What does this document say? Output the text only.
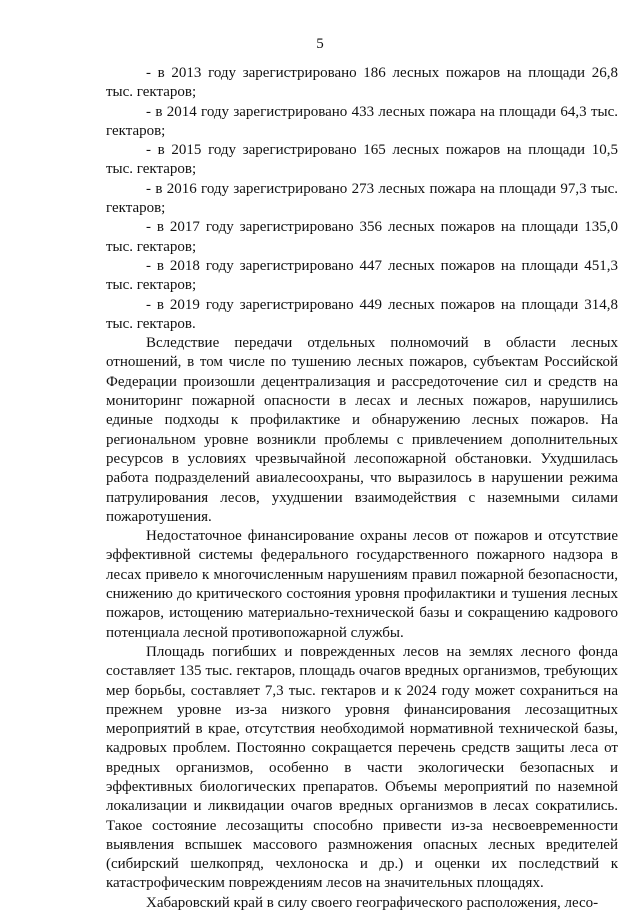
5

- в 2013 году зарегистрировано 186 лесных пожаров на площади 26,8 тыс. гектаров;

- в 2014 году зарегистрировано 433 лесных пожара на площади 64,3 тыс. гектаров;

- в 2015 году зарегистрировано 165 лесных пожаров на площади 10,5 тыс. гектаров;

- в 2016 году зарегистрировано 273 лесных пожара на площади 97,3 тыс. гектаров;

- в 2017 году зарегистрировано 356 лесных пожаров на площади 135,0 тыс. гектаров;

- в 2018 году зарегистрировано 447 лесных пожаров на площади 451,3 тыс. гектаров;

- в 2019 году зарегистрировано 449 лесных пожаров на площади 314,8 тыс. гектаров.

Вследствие передачи отдельных полномочий в области лесных отношений, в том числе по тушению лесных пожаров, субъектам Российской Федерации произошли децентрализация и рассредоточение сил и средств на мониторинг пожарной опасности в лесах и лесных пожаров, нарушились единые подходы к профилактике и обнаружению лесных пожаров. На региональном уровне возникли проблемы с привлечением дополнительных ресурсов в условиях чрезвычайной лесопожарной обстановки. Ухудшилась работа подразделений авиалесоохраны, что выразилось в нарушении режима патрулирования лесов, ухудшении взаимодействия с наземными силами пожаротушения.

Недостаточное финансирование охраны лесов от пожаров и отсутствие эффективной системы федерального государственного пожарного надзора в лесах привело к многочисленным нарушениям правил пожарной безопасности, снижению до критического состояния уровня профилактики и тушения лесных пожаров, истощению материально-технической базы и сокращению кадрового потенциала лесной противопожарной службы.

Площадь погибших и поврежденных лесов на землях лесного фонда составляет 135 тыс. гектаров, площадь очагов вредных организмов, требующих мер борьбы, составляет 7,3 тыс. гектаров и к 2024 году может сохраниться на прежнем уровне из-за низкого уровня финансирования лесозащитных мероприятий в крае, отсутствия необходимой нормативной технической базы, кадровых проблем. Постоянно сокращается перечень средств защиты леса от вредных организмов, особенно в части экологически безопасных и эффективных биологических препаратов. Объемы мероприятий по наземной локализации и ликвидации очагов вредных организмов в лесах сократились. Такое состояние лесозащиты способно привести из-за несвоевременности выявления вспышек массового размножения опасных лесных вредителей (сибирский шелкопряд, чехлоноска и др.) и оценки их последствий к катастрофическим повреждениям лесов на значительных площадях.

Хабаровский край в силу своего географического расположения, лесо-
